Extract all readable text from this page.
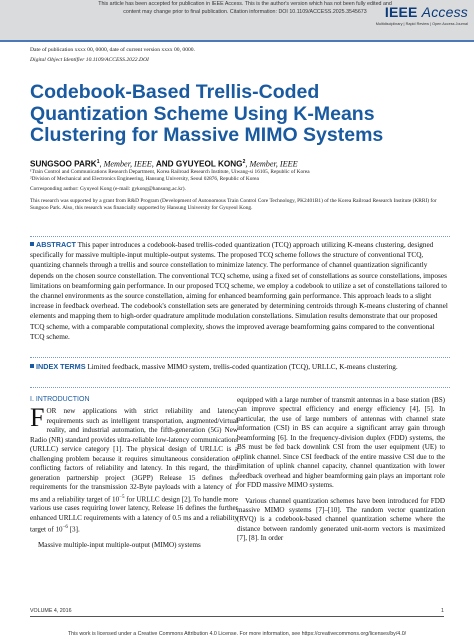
This article has been accepted for publication in IEEE Access. This is the author's version which has not been fully edited and
content may change prior to final publication. Citation information: DOI 10.1109/ACCESS.2025.3545673	IEEE Access
Multidisciplinary | Rapid Review | Open Access Journal
Date of publication xxxx 00, 0000, date of current version xxxx 00, 0000.
Digital Object Identifier 10.1109/ACCESS.2022.DOI
Codebook-Based Trellis-Coded
Quantization Scheme Using K-Means
Clustering for Massive MIMO Systems
SUNGSOO PARK$^1$, Member, IEEE, AND GYUYEOL KONG$^2$, Member, IEEE
¹Train Control and Communications Research Department, Korea Railroad Research Institute, Uiwang-si 16105, Republic of Korea
²Division of Mechanical and Electronics Engineering, Hansung University, Seoul 02876, Republic of Korea
Corresponding author: Gyuyeol Kong (e-mail: gykong@hansung.ac.kr).
This research was supported by a grant from R&D Program (Development of Autonomous Train Control Core Technology, PK2401B1) of the Korea Railroad Research Institute (KRRI) for Sungsoo Park. Also, this research was financially supported by Hansung University for Gyuyeol Kong.
ABSTRACT This paper introduces a codebook-based trellis-coded quantization (TCQ) approach utilizing K-means clustering, designed specifically for massive multiple-input multiple-output systems. The proposed TCQ scheme follows the structure of conventional TCQ, quantizing channels through a trellis and source constellation to minimize latency. The performance of channel quantization significantly depends on the chosen source constellation. The conventional TCQ scheme, using a fixed set of constellations as source constellations, imposes limitations on beamforming gain performance. In our proposed TCQ scheme, we employ a codebook to utilize a set of constellations tailored to the channel environments as the source constellation, aiming for enhanced beamforming gain performance. This approach leads to a slight increase in feedback overhead. The codebook's constellation sets are generated by determining centroids through K-means clustering of channel elements and mapping them to high-order quadrature amplitude modulation constellations. Simulation results demonstrate that our proposed TCQ scheme, with a comparable computational complexity, shows the improved average beamforming gains compared to the conventional TCQ scheme.
INDEX TERMS Limited feedback, massive MIMO system, trellis-coded quantization (TCQ), URLLC, K-means clustering.
I. INTRODUCTION

FOR new applications with strict reliability and latency requirements such as intelligent transportation, augmented/virtual reality, and industrial automation, the fifth-generation (5G) New Radio (NR) standard provides ultra-reliable low-latency communications (URLLC) service category [1]. The physical design of URLLC is a challenging problem because it requires simultaneous consideration of conflicting factors of reliability and latency. In this regard, the third generation partnership project (3GPP) Release 15 defines the requirements for the transmission 32-Byte payloads with a latency of 1 ms and a reliability target of $10^{-5}$ for URLLC design [2]. To handle more various use cases requiring lower latency, Release 16 defines the further enhanced URLLC requirements with a latency of 0.5 ms and a reliability target of $10^{-6}$ [3].

Massive multiple-input multiple-output (MIMO) systems

equipped with a large number of transmit antennas in a base station (BS) can improve spectral efficiency and energy efficiency [4], [5]. In particular, the use of large numbers of antennas with channel state information (CSI) in BS can acquire a significant array gain through beamforming [6]. In the frequency-division duplex (FDD) systems, the BS must be fed back downlink CSI from the user equipment (UE) to uplink channel. Since CSI feedback of the entire massive CSI due to the limitation of uplink channel capacity, channel quantization with lower feedback overhead and higher beamforming gain plays an important role for FDD massive MIMO systems.

Various channel quantization schemes have been introduced for FDD massive MIMO systems [7]–[10]. The random vector quantization (RVQ) is a codebook-based channel quantization scheme where the distance between randomly generated unit-norm vectors is maximized [7], [8]. In order

VOLUME 4, 2016	1
This work is licensed under a Creative Commons Attribution 4.0 License. For more information, see https://creativecommons.org/licenses/by/4.0/
